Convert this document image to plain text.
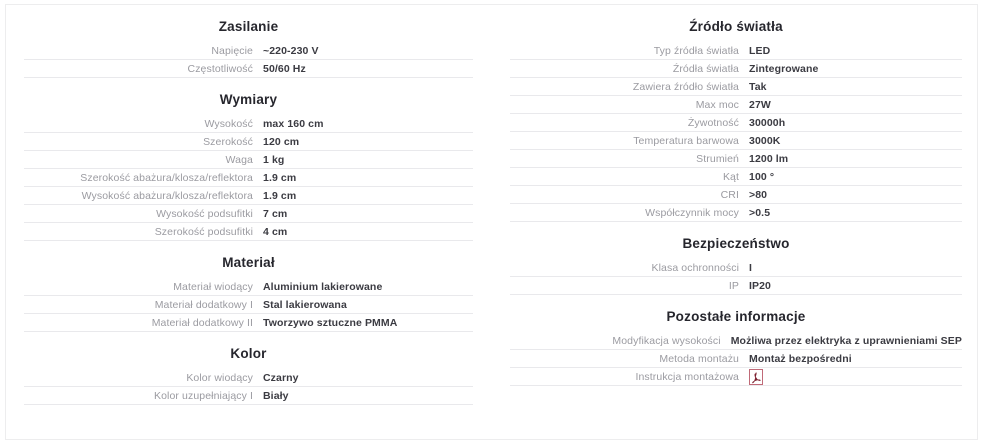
Zasilanie
Napięcie ~220-230 V
Częstotliwość 50/60 Hz
Wymiary
Wysokość max 160 cm
Szerokość 120 cm
Waga 1 kg
Szerokość abażura/klosza/reflektora 1.9 cm
Wysokość abażura/klosza/reflektora 1.9 cm
Wysokość podsufitki 7 cm
Szerokość podsufitki 4 cm
Materiał
Materiał wiodący Aluminium lakierowane
Materiał dodatkowy I Stal lakierowana
Materiał dodatkowy II Tworzywo sztuczne PMMA
Kolor
Kolor wiodący Czarny
Kolor uzupełniający I Biały
Źródło światła
Typ źródła światła LED
Źródła światła Zintegrowane
Zawiera źródło światła Tak
Max moc 27W
Żywotność 30000h
Temperatura barwowa 3000K
Strumień 1200 lm
Kąt 100 °
CRI >80
Współczynnik mocy >0.5
Bezpieczeństwo
Klasa ochronności I
IP IP20
Pozostałe informacje
Modyfikacja wysokości Możliwa przez elektryka z uprawnieniami SEP
Metoda montażu Montaż bezpośredni
Instrukcja montażowa
